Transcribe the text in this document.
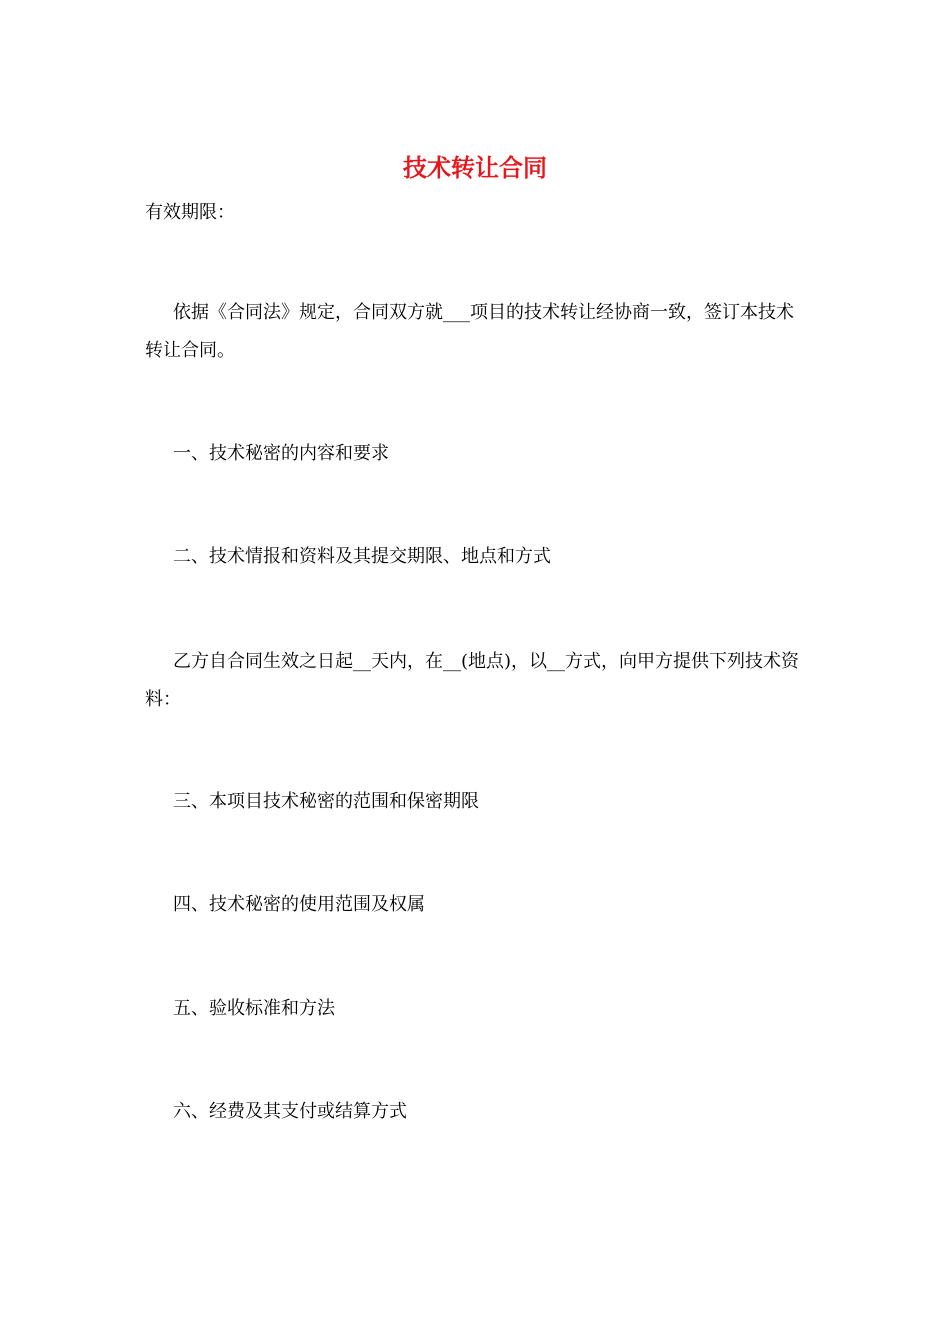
技术转让合同

有效期限：

依据《合同法》规定，合同双方就___项目的技术转让经协商一致，签订本技术转让合同。

一、技术秘密的内容和要求

二、技术情报和资料及其提交期限、地点和方式

乙方自合同生效之日起__天内，在__(地点)，以__方式，向甲方提供下列技术资料：

三、本项目技术秘密的范围和保密期限

四、技术秘密的使用范围及权属

五、验收标准和方法

六、经费及其支付或结算方式
